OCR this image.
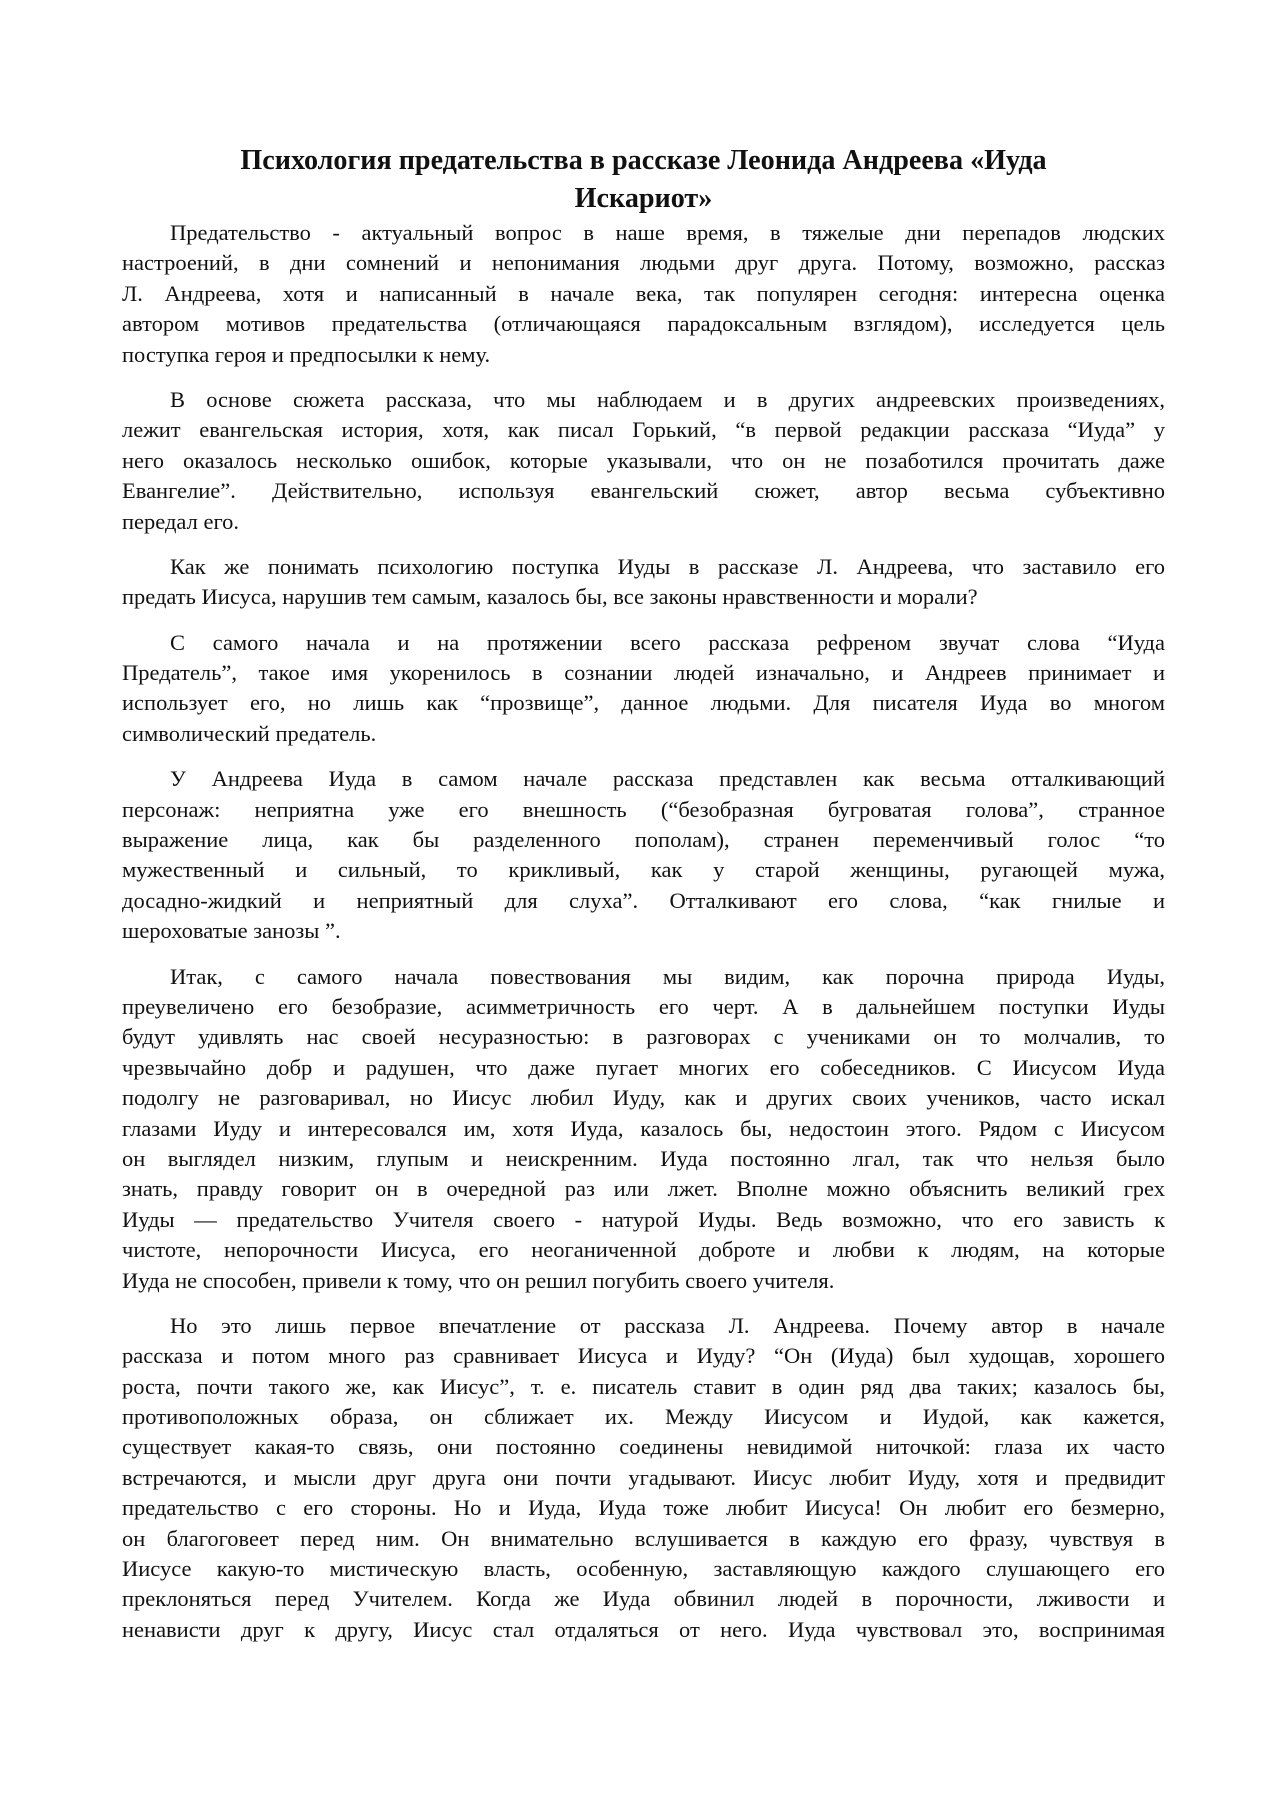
Психология предательства в рассказе Леонида Андреева «Иуда
Искариот»
Предательство - актуальный вопрос в наше время, в тяжелые дни перепадов людских
настроений, в дни сомнений и непонимания людьми друг друга. Потому, возможно, рассказ
Л. Андреева, хотя и написанный в начале века, так популярен сегодня: интересна оценка
автором мотивов предательства (отличающаяся парадоксальным взглядом), исследуется цель
поступка героя и предпосылки к нему.
В основе сюжета рассказа, что мы наблюдаем и в других андреевских произведениях,
лежит евангельская история, хотя, как писал Горький, “в первой редакции рассказа “Иуда” у
него оказалось несколько ошибок, которые указывали, что он не позаботился прочитать даже
Евангелие”. Действительно, используя евангельский сюжет, автор весьма субъективно
передал его.
Как же понимать психологию поступка Иуды в рассказе Л. Андреева, что заставило его
предать Иисуса, нарушив тем самым, казалось бы, все законы нравственности и морали?
С самого начала и на протяжении всего рассказа рефреном звучат слова “Иуда
Предатель”, такое имя укоренилось в сознании людей изначально, и Андреев принимает и
использует его, но лишь как “прозвище”, данное людьми. Для писателя Иуда во многом
символический предатель.
У Андреева Иуда в самом начале рассказа представлен как весьма отталкивающий
персонаж: неприятна уже его внешность (“безобразная бугроватая голова”, странное
выражение лица, как бы разделенного пополам), странен переменчивый голос “то
мужественный и сильный, то крикливый, как у старой женщины, ругающей мужа,
досадно-жидкий и неприятный для слуха”. Отталкивают его слова, “как гнилые и
шероховатые занозы ”.
Итак, с самого начала повествования мы видим, как порочна природа Иуды,
преувеличено его безобразие, асимметричность его черт. А в дальнейшем поступки Иуды
будут удивлять нас своей несуразностью: в разговорах с учениками он то молчалив, то
чрезвычайно добр и радушен, что даже пугает многих его собеседников. С Иисусом Иуда
подолгу не разговаривал, но Иисус любил Иуду, как и других своих учеников, часто искал
глазами Иуду и интересовался им, хотя Иуда, казалось бы, недостоин этого. Рядом с Иисусом
он выглядел низким, глупым и неискренним. Иуда постоянно лгал, так что нельзя было
знать, правду говорит он в очередной раз или лжет. Вполне можно объяснить великий грех
Иуды — предательство Учителя своего - натурой Иуды. Ведь возможно, что его зависть к
чистоте, непорочности Иисуса, его неоганиченной доброте и любви к людям, на которые
Иуда не способен, привели к тому, что он решил погубить своего учителя.
Но это лишь первое впечатление от рассказа Л. Андреева. Почему автор в начале
рассказа и потом много раз сравнивает Иисуса и Иуду? “Он (Иуда) был худощав, хорошего
роста, почти такого же, как Иисус”, т. е. писатель ставит в один ряд два таких; казалось бы,
противоположных образа, он сближает их. Между Иисусом и Иудой, как кажется,
существует какая-то связь, они постоянно соединены невидимой ниточкой: глаза их часто
встречаются, и мысли друг друга они почти угадывают. Иисус любит Иуду, хотя и предвидит
предательство с его стороны. Но и Иуда, Иуда тоже любит Иисуса! Он любит его безмерно,
он благоговеет перед ним. Он внимательно вслушивается в каждую его фразу, чувствуя в
Иисусе какую-то мистическую власть, особенную, заставляющую каждого слушающего его
преклоняться перед Учителем. Когда же Иуда обвинил людей в порочности, лживости и
ненависти друг к другу, Иисус стал отдаляться от него. Иуда чувствовал это, воспринимая
